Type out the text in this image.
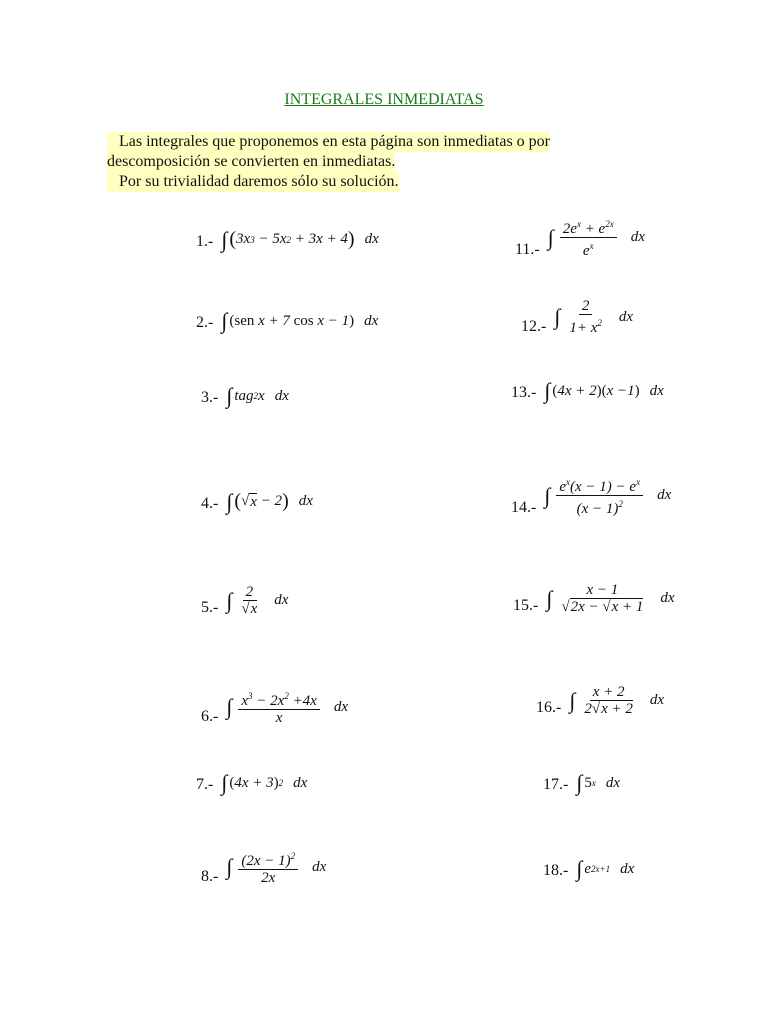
INTEGRALES INMEDIATAS
Las integrales que proponemos en esta página son inmediatas o por
descomposición se convierten en inmediatas.
Por su trivialidad daremos sólo su solución.
1.- ∫ ( 3x 3 − 5x 2 + 3x + 4 ) dx
2.- ∫ (sen x + 7 cos x − 1 ) dx
3.- ∫ tag 2 x dx
4.- ∫ ( √ x − 2 ) dx
5.- ∫ $\frac{2}{√x}$ dx
6.- ∫ $\frac{x^3 - 2x^2 +4x}{x}$ dx
7.- ∫ ( 4x + 3 ) 2 dx
8.- ∫ $\frac{(2x - 1)^2}{2x}$ dx
11.- ∫ $\frac{2e^x + e^{2x}}{e^x}$ dx
12.- ∫ $\frac{2}{1+ x^2}$ dx
13.- ∫ ( 4x + 2 )( x −1 ) dx
14.- ∫ $\frac{e^x(x - 1) - e^x}{(x - 1)^2}$ dx
15.- ∫ $\frac{x - 1}{√2x - √x + 1}$ dx
16.- ∫ $\frac{x + 2}{2√x + 2}$ dx
17.- ∫ 5 x dx
18.- ∫ e 2x+1 dx
